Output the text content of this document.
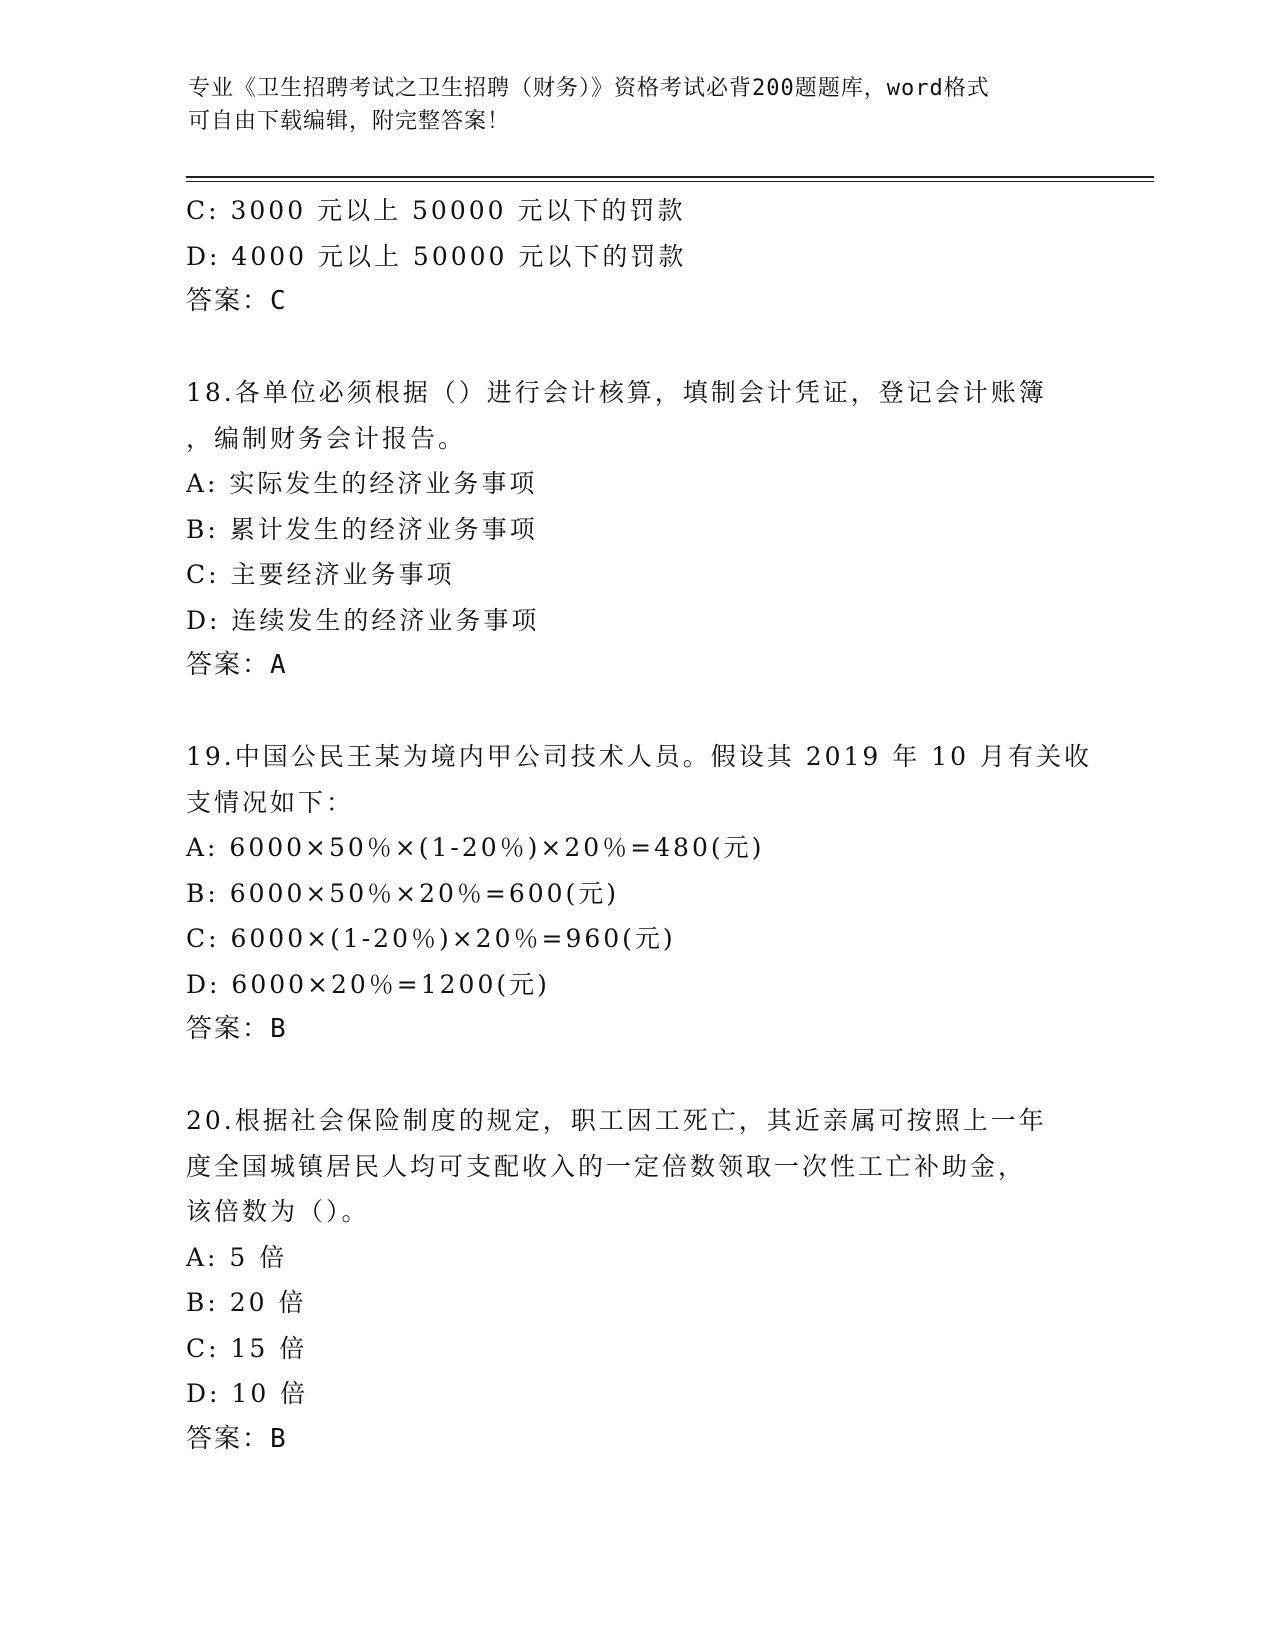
专业《卫生招聘考试之卫生招聘（财务）》资格考试必背200题题库，word格式
可自由下载编辑，附完整答案！
C: 3000 元以上 50000 元以下的罚款
D: 4000 元以上 50000 元以下的罚款
答案：C
18.各单位必须根据（）进行会计核算，填制会计凭证，登记会计账簿
，编制财务会计报告。
A: 实际发生的经济业务事项
B: 累计发生的经济业务事项
C: 主要经济业务事项
D: 连续发生的经济业务事项
答案：A
19.中国公民王某为境内甲公司技术人员。假设其 2019 年 10 月有关收
支情况如下：
A: 6000×50％×(1-20％)×20％=480(元)
B: 6000×50％×20％=600(元)
C: 6000×(1-20％)×20％=960(元)
D: 6000×20％=1200(元)
答案：B
20.根据社会保险制度的规定，职工因工死亡，其近亲属可按照上一年
度全国城镇居民人均可支配收入的一定倍数领取一次性工亡补助金，
该倍数为（）。
A: 5 倍
B: 20 倍
C: 15 倍
D: 10 倍
答案：B
